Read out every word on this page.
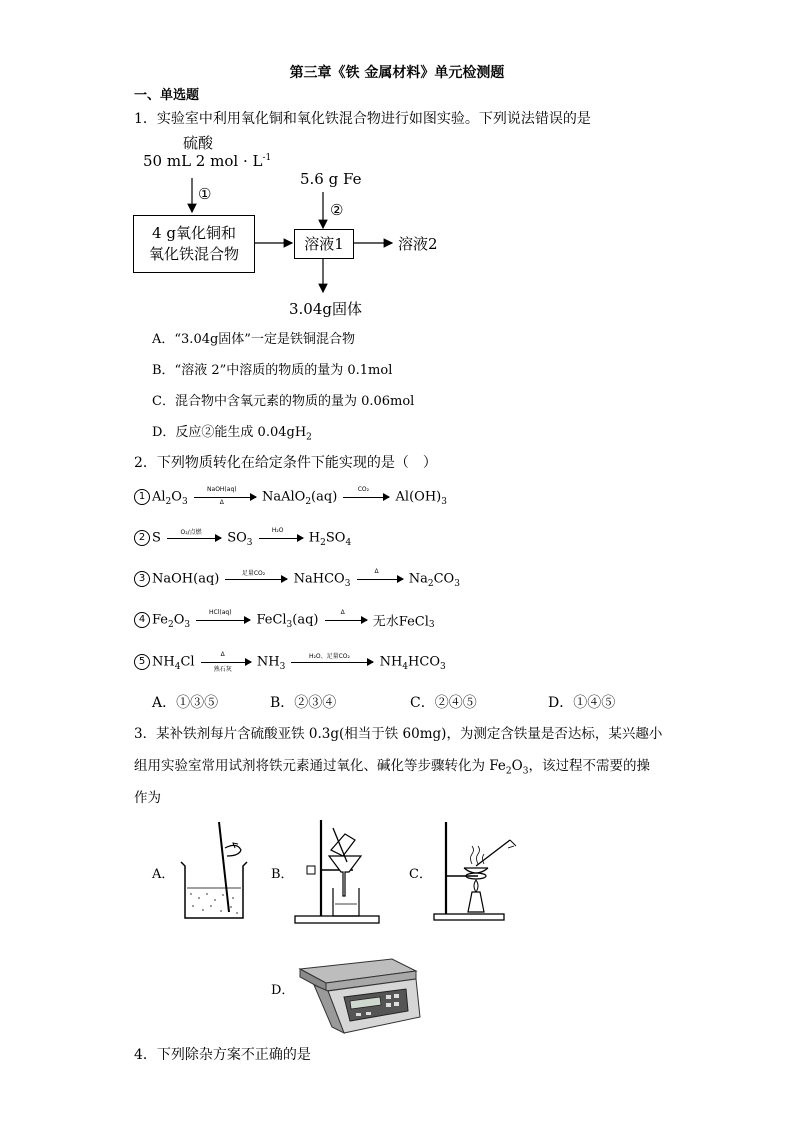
第三章《铁 金属材料》单元检测题
一、单选题
1．实验室中利用氧化铜和氧化铁混合物进行如图实验。下列说法错误的是
硫酸
50 mL 2 mol · $L^{-1}$
①
5.6 g Fe
②
4 g氧化铜和
氧化铁混合物
溶液1	溶液2
3.04g固体
A．“3.04g固体”一定是铁铜混合物
B．“溶液 2”中溶质的物质的量为 0.1mol
C．混合物中含氧元素的物质的量为 0.06mol
D．反应②能生成 $0.04gH_2$
2．下列物质转化在给定条件下能实现的是（　）
1 $Al_2O_3$
NaOH(aq)
Δ	NaAlO$_2$(aq)	CO₂	$Al(OH)_3$
2 S	O₂/点燃	$SO_3$
H₂O	$H_2SO_4$
3 NaOH(aq)	足量CO₂	NaHCO$_3$
Δ	$Na_2CO_3$
4 $Fe_2O_3$
HCl(aq)	FeCl$_3$(aq)	Δ
无水FeCl$_3$
5 $NH_4Cl$	Δ
熟石灰	$NH_3$
H₂O、足量CO₂	$NH_4HCO_3$
A．①③⑤	B．②③④	C．②④⑤	D．①④⑤
3．某补铁剂每片含硫酸亚铁 0.3g(相当于铁 60mg)，为测定含铁量是否达标，某兴趣小
组用实验室常用试剂将铁元素通过氧化、碱化等步骤转化为 $Fe_2O_3$，该过程不需要的操
作为
A．	B．	C．
D．
4．下列除杂方案不正确的是
